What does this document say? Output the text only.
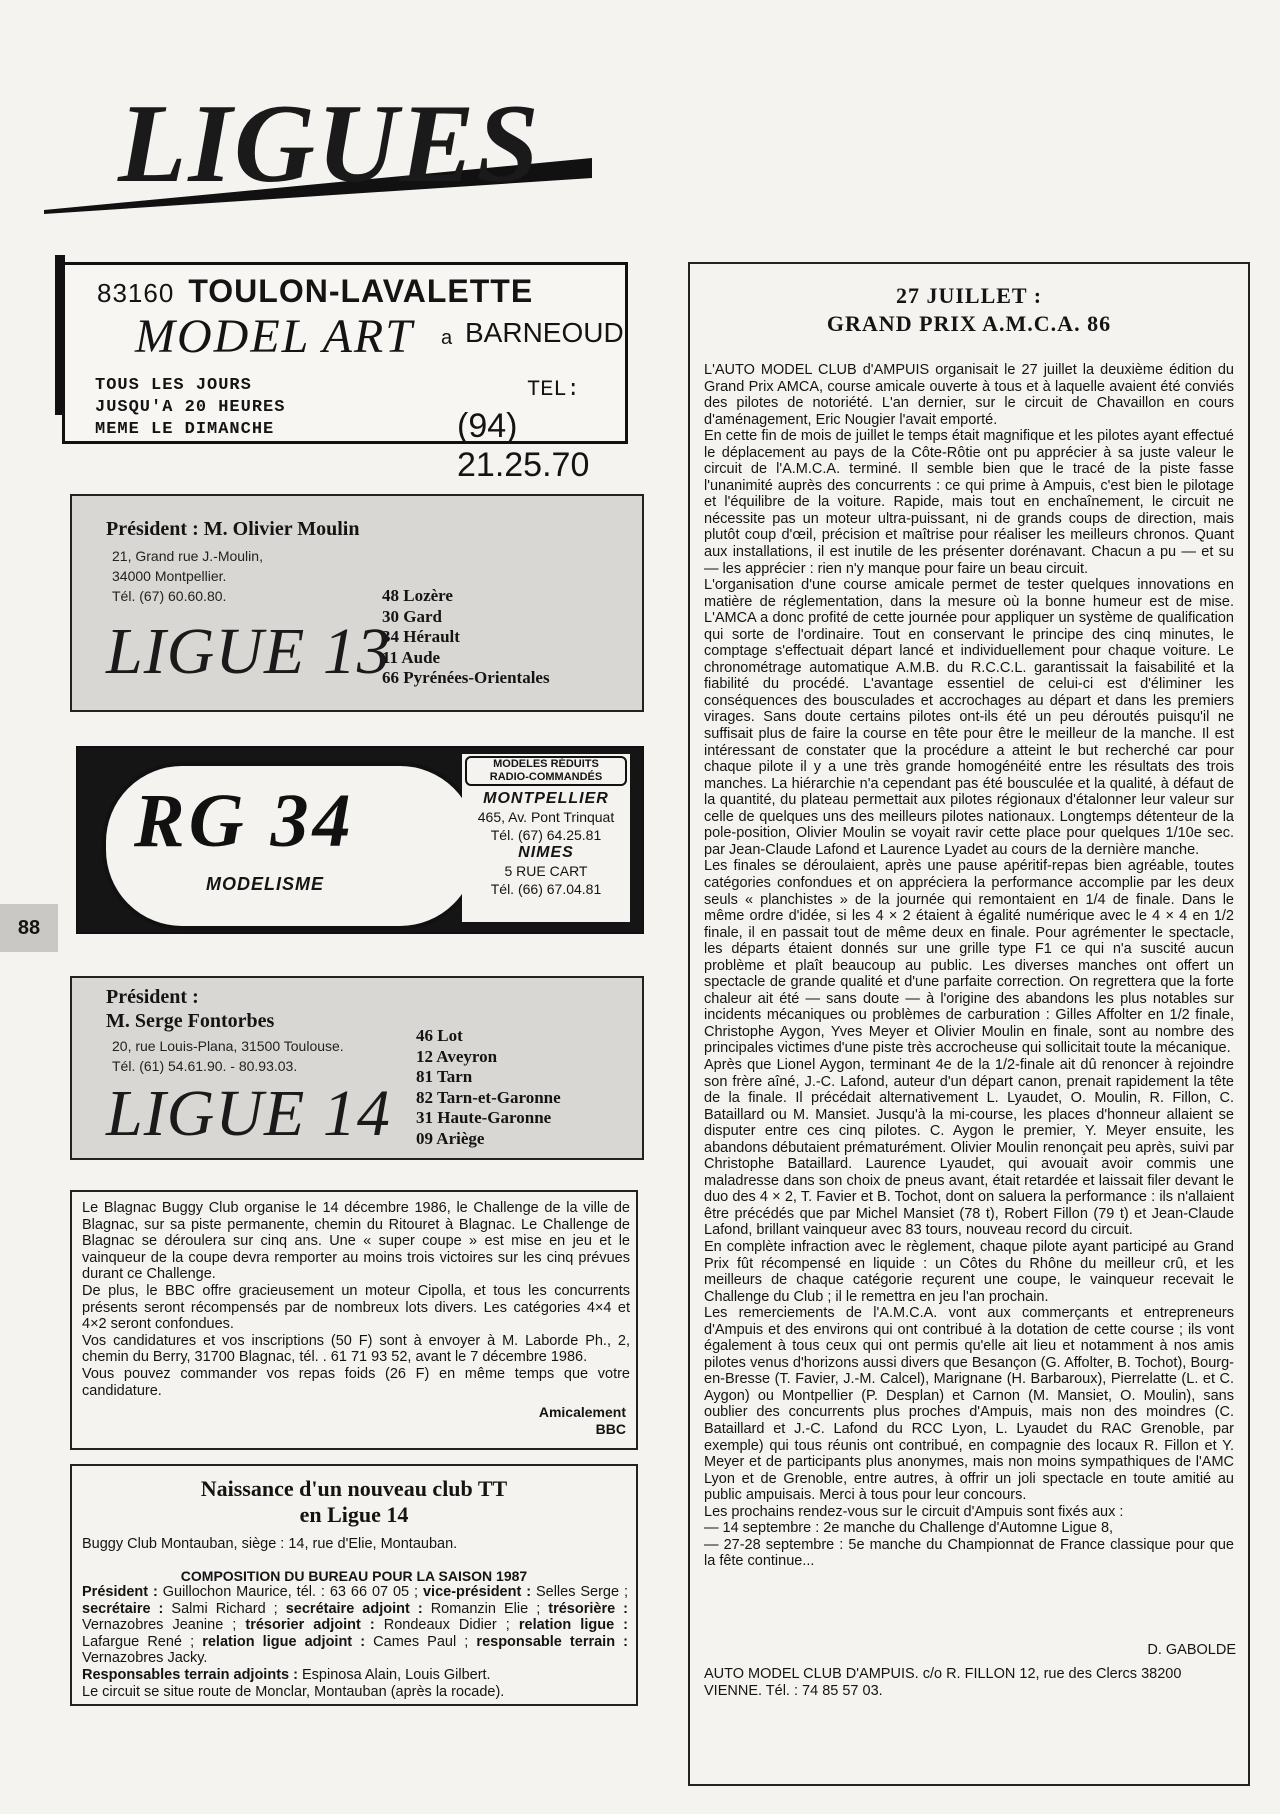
LIGUES
83160 TOULON-LAVALETTE
MODEL ART a BARNEOUD
TOUS LES JOURS
JUSQU'A 20 HEURES
MEME LE DIMANCHE
TEL:
(94) 21.25.70
Président : M. Olivier Moulin
21, Grand rue J.-Moulin,
34000 Montpellier.
Tél. (67) 60.60.80.
LIGUE 13
48 Lozère
30 Gard
34 Hérault
11 Aude
66 Pyrénées-Orientales
RG 34
MODELISME
MODELES RÉDUITS
RADIO-COMMANDÉS
MONTPELLIER
465, Av. Pont Trinquat
Tél. (67) 64.25.81
NIMES
5 RUE CART
Tél. (66) 67.04.81
88
Président :
M. Serge Fontorbes
20, rue Louis-Plana, 31500 Toulouse.
Tél. (61) 54.61.90. - 80.93.03.
LIGUE 14
46 Lot
12 Aveyron
81 Tarn
82 Tarn-et-Garonne
31 Haute-Garonne
09 Ariège
Le Blagnac Buggy Club organise le 14 décembre 1986, le Challenge de la ville de Blagnac, sur sa piste permanente, chemin du Ritouret à Blagnac. Le Challenge de Blagnac se déroulera sur cinq ans. Une « super coupe » est mise en jeu et le vainqueur de la coupe devra remporter au moins trois victoires sur les cinq prévues durant ce Challenge.
De plus, le BBC offre gracieusement un moteur Cipolla, et tous les concurrents présents seront récompensés par de nombreux lots divers. Les catégories 4×4 et 4×2 seront confondues.
Vos candidatures et vos inscriptions (50 F) sont à envoyer à M. Laborde Ph., 2, chemin du Berry, 31700 Blagnac, tél. . 61 71 93 52, avant le 7 décembre 1986.
Vous pouvez commander vos repas foids (26 F) en même temps que votre candidature.
Amicalement
BBC
Naissance d'un nouveau club TT
en Ligue 14
Buggy Club Montauban, siège : 14, rue d'Elie, Montauban.
COMPOSITION DU BUREAU POUR LA SAISON 1987
Président : Guillochon Maurice, tél. : 63 66 07 05 ; vice-président : Selles Serge ; secrétaire : Salmi Richard ; secrétaire adjoint : Romanzin Elie ; trésorière : Vernazobres Jeanine ; trésorier adjoint : Rondeaux Didier ; relation ligue : Lafargue René ; relation ligue adjoint : Cames Paul ; responsable terrain : Vernazobres Jacky.
Responsables terrain adjoints : Espinosa Alain, Louis Gilbert.
Le circuit se situe route de Monclar, Montauban (après la rocade).
27 JUILLET :
GRAND PRIX A.M.C.A. 86
L'AUTO MODEL CLUB d'AMPUIS organisait le 27 juillet la deuxième édition du Grand Prix AMCA, course amicale ouverte à tous et à laquelle avaient été conviés des pilotes de notoriété. L'an dernier, sur le circuit de Chavaillon en cours d'aménagement, Eric Nougier l'avait emporté.
En cette fin de mois de juillet le temps était magnifique et les pilotes ayant effectué le déplacement au pays de la Côte-Rôtie ont pu apprécier à sa juste valeur le circuit de l'A.M.C.A. terminé. Il semble bien que le tracé de la piste fasse l'unanimité auprès des concurrents : ce qui prime à Ampuis, c'est bien le pilotage et l'équilibre de la voiture. Rapide, mais tout en enchaînement, le circuit ne nécessite pas un moteur ultra-puissant, ni de grands coups de direction, mais plutôt coup d'œil, précision et maîtrise pour réaliser les meilleurs chronos. Quant aux installations, il est inutile de les présenter dorénavant. Chacun a pu — et su — les apprécier : rien n'y manque pour faire un beau circuit.
L'organisation d'une course amicale permet de tester quelques innovations en matière de réglementation, dans la mesure où la bonne humeur est de mise. L'AMCA a donc profité de cette journée pour appliquer un système de qualification qui sorte de l'ordinaire. Tout en conservant le principe des cinq minutes, le comptage s'effectuait départ lancé et individuellement pour chaque voiture. Le chronométrage automatique A.M.B. du R.C.C.L. garantissait la faisabilité et la fiabilité du procédé. L'avantage essentiel de celui-ci est d'éliminer les conséquences des bousculades et accrochages au départ et dans les premiers virages. Sans doute certains pilotes ont-ils été un peu déroutés puisqu'il ne suffisait plus de faire la course en tête pour être le meilleur de la manche. Il est intéressant de constater que la procédure a atteint le but recherché car pour chaque pilote il y a une très grande homogénéité entre les résultats des trois manches. La hiérarchie n'a cependant pas été bousculée et la qualité, à défaut de la quantité, du plateau permettait aux pilotes régionaux d'étalonner leur valeur sur celle de quelques uns des meilleurs pilotes nationaux. Longtemps détenteur de la pole-position, Olivier Moulin se voyait ravir cette place pour quelques 1/10e sec. par Jean-Claude Lafond et Laurence Lyadet au cours de la dernière manche.
Les finales se déroulaient, après une pause apéritif-repas bien agréable, toutes catégories confondues et on appréciera la performance accomplie par les deux seuls « planchistes » de la journée qui remontaient en 1/4 de finale. Dans le même ordre d'idée, si les 4 × 2 étaient à égalité numérique avec le 4 × 4 en 1/2 finale, il en passait tout de même deux en finale. Pour agrémenter le spectacle, les départs étaient donnés sur une grille type F1 ce qui n'a suscité aucun problème et plaît beaucoup au public. Les diverses manches ont offert un spectacle de grande qualité et d'une parfaite correction. On regrettera que la forte chaleur ait été — sans doute — à l'origine des abandons les plus notables sur incidents mécaniques ou problèmes de carburation : Gilles Affolter en 1/2 finale, Christophe Aygon, Yves Meyer et Olivier Moulin en finale, sont au nombre des principales victimes d'une piste très accrocheuse qui sollicitait toute la mécanique.
Après que Lionel Aygon, terminant 4e de la 1/2-finale ait dû renoncer à rejoindre son frère aîné, J.-C. Lafond, auteur d'un départ canon, prenait rapidement la tête de la finale. Il précédait alternativement L. Lyaudet, O. Moulin, R. Fillon, C. Bataillard ou M. Mansiet. Jusqu'à la mi-course, les places d'honneur allaient se disputer entre ces cinq pilotes. C. Aygon le premier, Y. Meyer ensuite, les abandons débutaient prématurément. Olivier Moulin renonçait peu après, suivi par Christophe Bataillard. Laurence Lyaudet, qui avouait avoir commis une maladresse dans son choix de pneus avant, était retardée et laissait filer devant le duo des 4 × 2, T. Favier et B. Tochot, dont on saluera la performance : ils n'allaient être précédés que par Michel Mansiet (78 t), Robert Fillon (79 t) et Jean-Claude Lafond, brillant vainqueur avec 83 tours, nouveau record du circuit.
En complète infraction avec le règlement, chaque pilote ayant participé au Grand Prix fût récompensé en liquide : un Côtes du Rhône du meilleur crû, et les meilleurs de chaque catégorie reçurent une coupe, le vainqueur recevait le Challenge du Club ; il le remettra en jeu l'an prochain.
Les remerciements de l'A.M.C.A. vont aux commerçants et entrepreneurs d'Ampuis et des environs qui ont contribué à la dotation de cette course ; ils vont également à tous ceux qui ont permis qu'elle ait lieu et notamment à nos amis pilotes venus d'horizons aussi divers que Besançon (G. Affolter, B. Tochot), Bourg-en-Bresse (T. Favier, J.-M. Calcel), Marignane (H. Barbaroux), Pierrelatte (L. et C. Aygon) ou Montpellier (P. Desplan) et Carnon (M. Mansiet, O. Moulin), sans oublier des concurrents plus proches d'Ampuis, mais non des moindres (C. Bataillard et J.-C. Lafond du RCC Lyon, L. Lyaudet du RAC Grenoble, par exemple) qui tous réunis ont contribué, en compagnie des locaux R. Fillon et Y. Meyer et de participants plus anonymes, mais non moins sympathiques de l'AMC Lyon et de Grenoble, entre autres, à offrir un joli spectacle en toute amitié au public ampuisais. Merci à tous pour leur concours.
Les prochains rendez-vous sur le circuit d'Ampuis sont fixés aux :
— 14 septembre : 2e manche du Challenge d'Automne Ligue 8,
— 27-28 septembre : 5e manche du Championnat de France classique pour que la fête continue...
D. GABOLDE
AUTO MODEL CLUB D'AMPUIS. c/o R. FILLON 12, rue des Clercs 38200 VIENNE. Tél. : 74 85 57 03.
